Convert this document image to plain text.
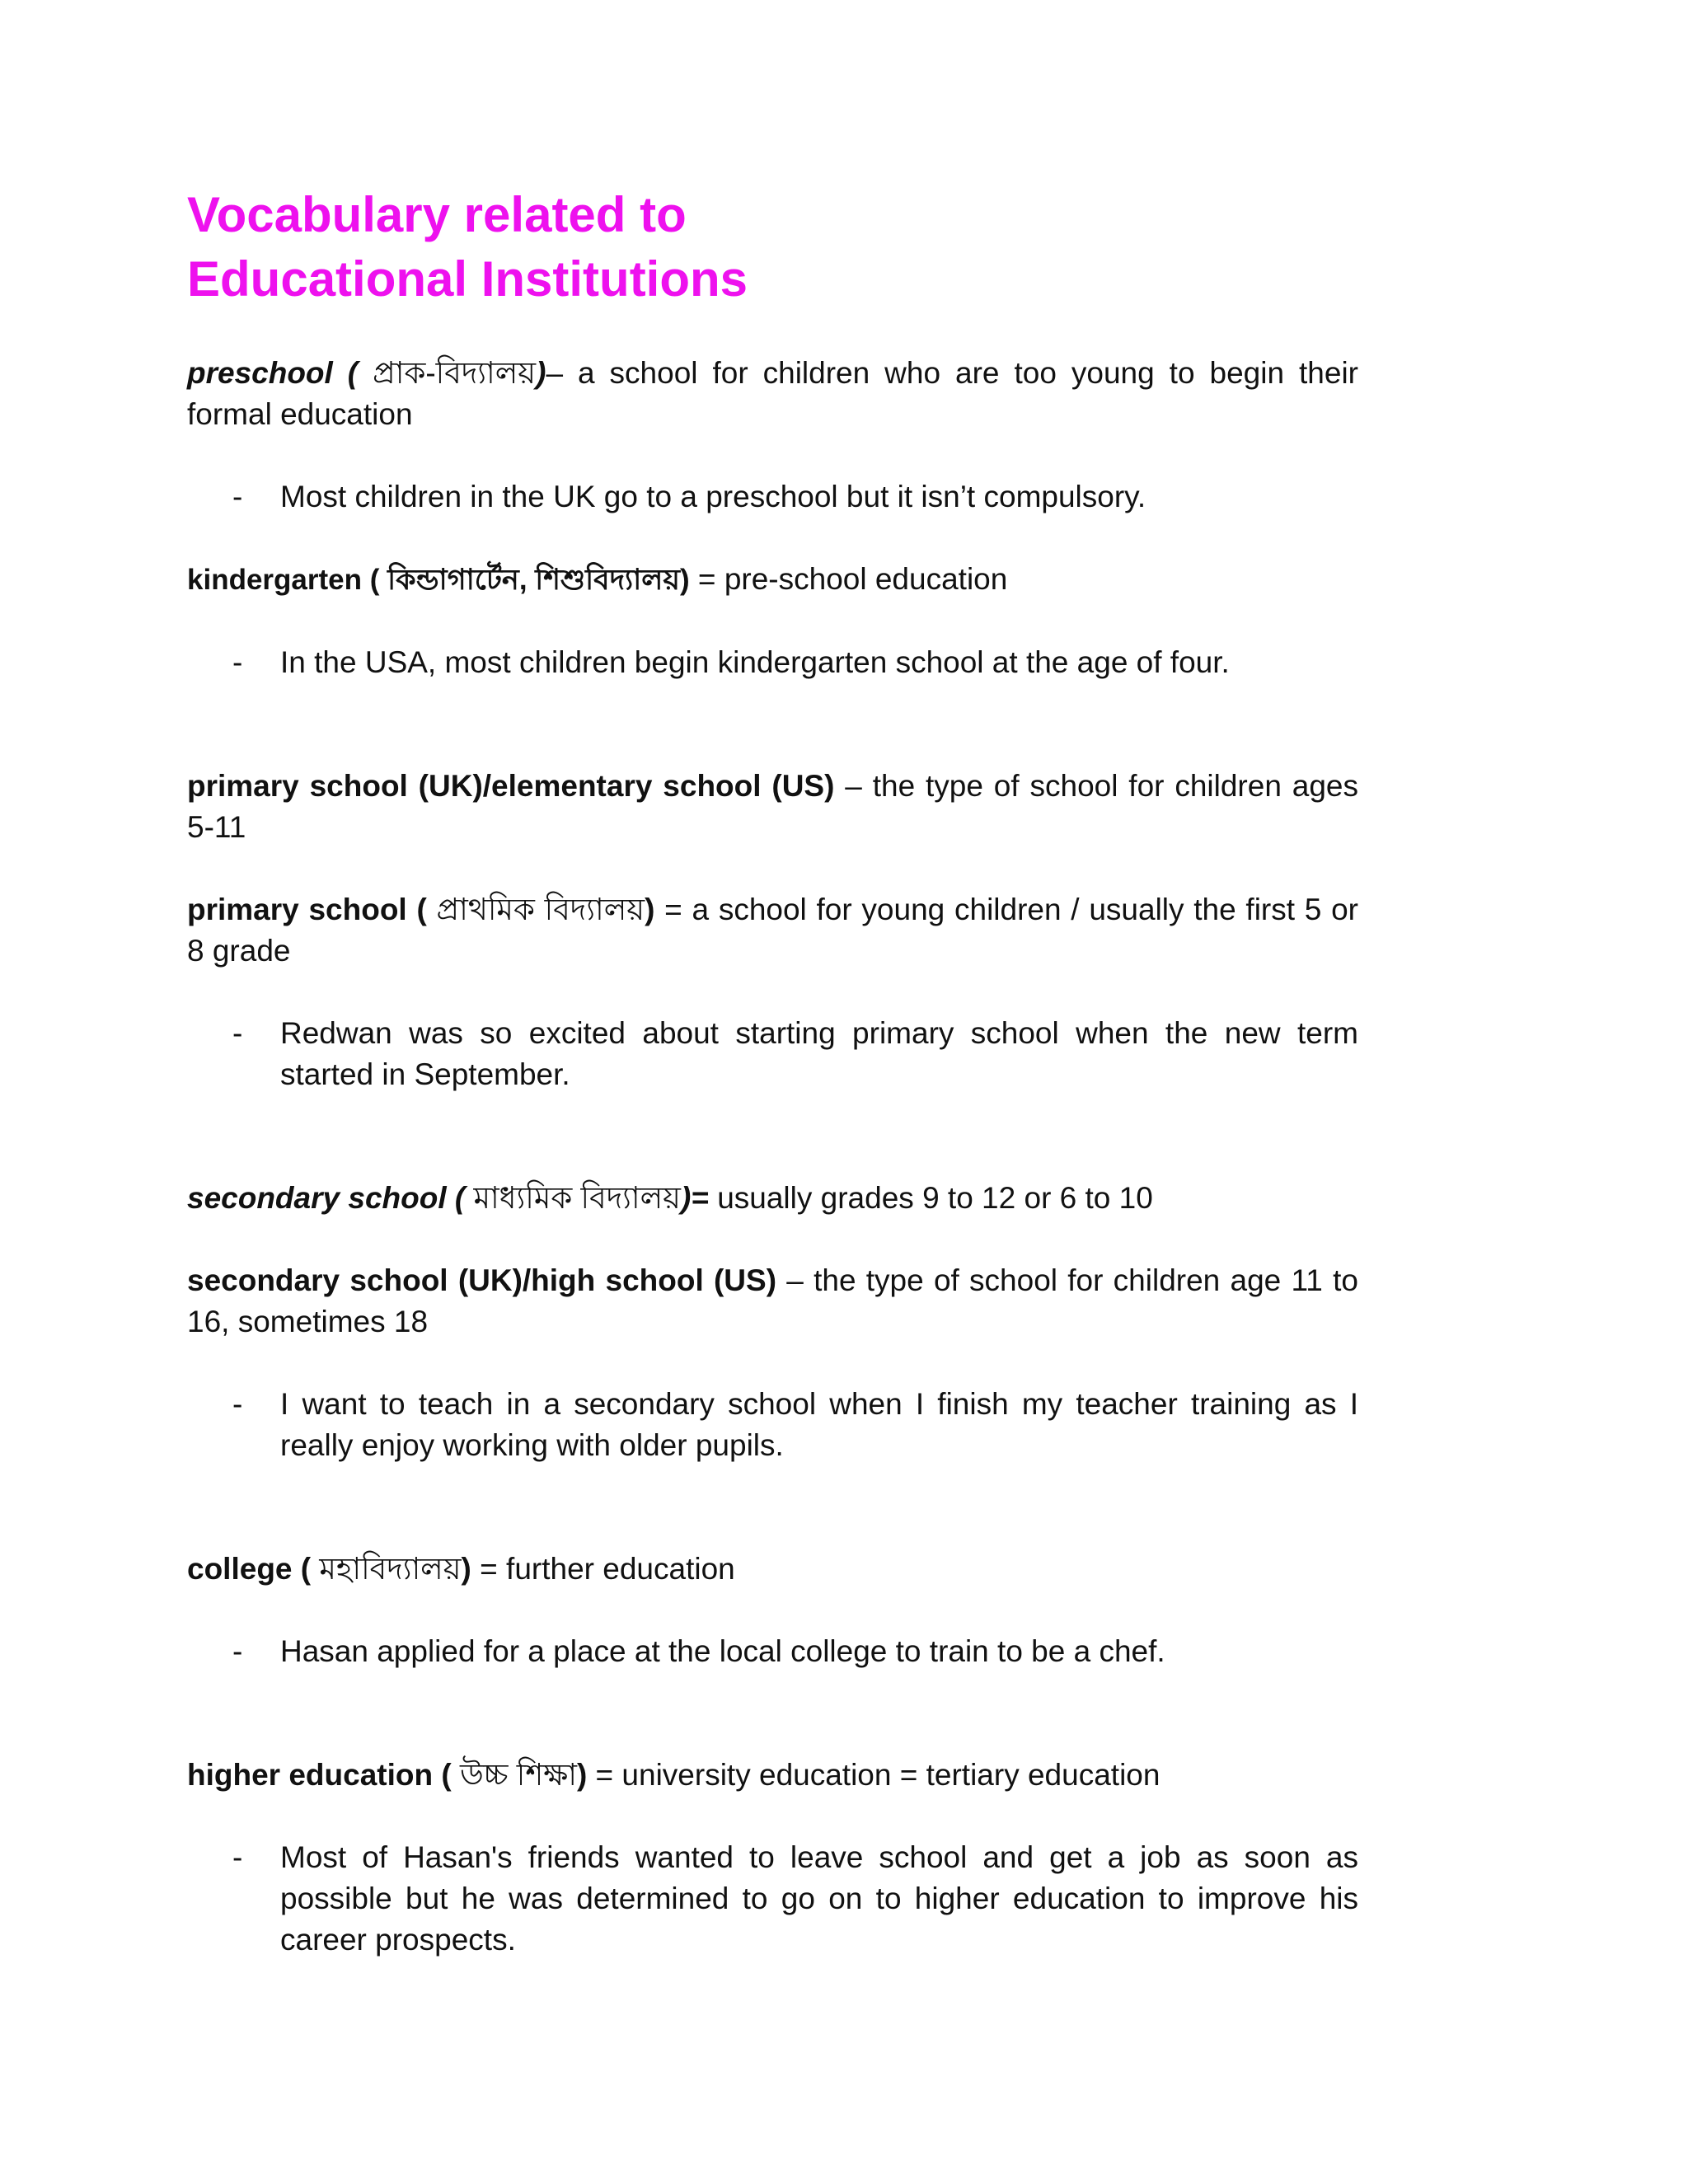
Vocabulary related to
Educational Institutions

preschool ( প্রাক-বিদ্যালয়)– a school for children who are too young to begin their formal education

- Most children in the UK go to a preschool but it isn’t compulsory.

kindergarten ( কিন্ডাগার্টেন, শিশুবিদ্যালয়) = pre-school education

- In the USA, most children begin kindergarten school at the age of four.

primary school (UK)/elementary school (US) – the type of school for children ages 5-11

primary school ( প্রাথমিক বিদ্যালয়) = a school for young children / usually the first 5 or 8 grade

- Redwan was so excited about starting primary school when the new term started in September.

secondary school ( মাধ্যমিক বিদ্যালয়)= usually grades 9 to 12 or 6 to 10

secondary school (UK)/high school (US) – the type of school for children age 11 to 16, sometimes 18

- I want to teach in a secondary school when I finish my teacher training as I really enjoy working with older pupils.

college ( মহাবিদ্যালয়) = further education

- Hasan applied for a place at the local college to train to be a chef.

higher education ( উচ্চ শিক্ষা) = university education = tertiary education

- Most of Hasan's friends wanted to leave school and get a job as soon as possible but he was determined to go on to higher education to improve his career prospects.
